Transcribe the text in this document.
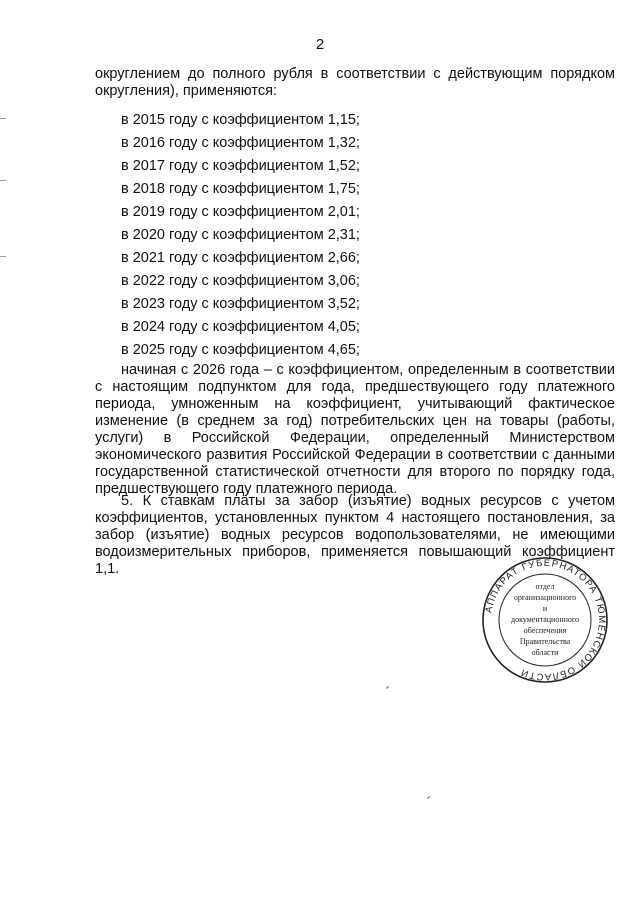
2
округлением до полного рубля в соответствии с действующим порядком округления), применяются:
в 2015 году с коэффициентом 1,15;
в 2016 году с коэффициентом 1,32;
в 2017 году с коэффициентом 1,52;
в 2018 году с коэффициентом 1,75;
в 2019 году с коэффициентом 2,01;
в 2020 году с коэффициентом 2,31;
в 2021 году с коэффициентом 2,66;
в 2022 году с коэффициентом 3,06;
в 2023 году с коэффициентом 3,52;
в 2024 году с коэффициентом 4,05;
в 2025 году с коэффициентом 4,65;
начиная с 2026 года – с коэффициентом, определенным в соответствии с настоящим подпунктом для года, предшествующего году платежного периода, умноженным на коэффициент, учитывающий фактическое изменение (в среднем за год) потребительских цен на товары (работы, услуги) в Российской Федерации, определенный Министерством экономического развития Российской Федерации в соответствии с данными государственной статистической отчетности для второго по порядку года, предшествующего году платежного периода.
5. К ставкам платы за забор (изъятие) водных ресурсов с учетом коэффициентов, установленных пунктом 4 настоящего постановления, за забор (изъятие) водных ресурсов водопользователями, не имеющими водоизмерительных приборов, применяется повышающий коэффициент 1,1.
АППАРАТ ГУБЕРНАТОРА ТЮМЕНСКОЙ ОБЛАСТИ
отдел
организационного
и
документационного
обеспечения
Правительства
области
